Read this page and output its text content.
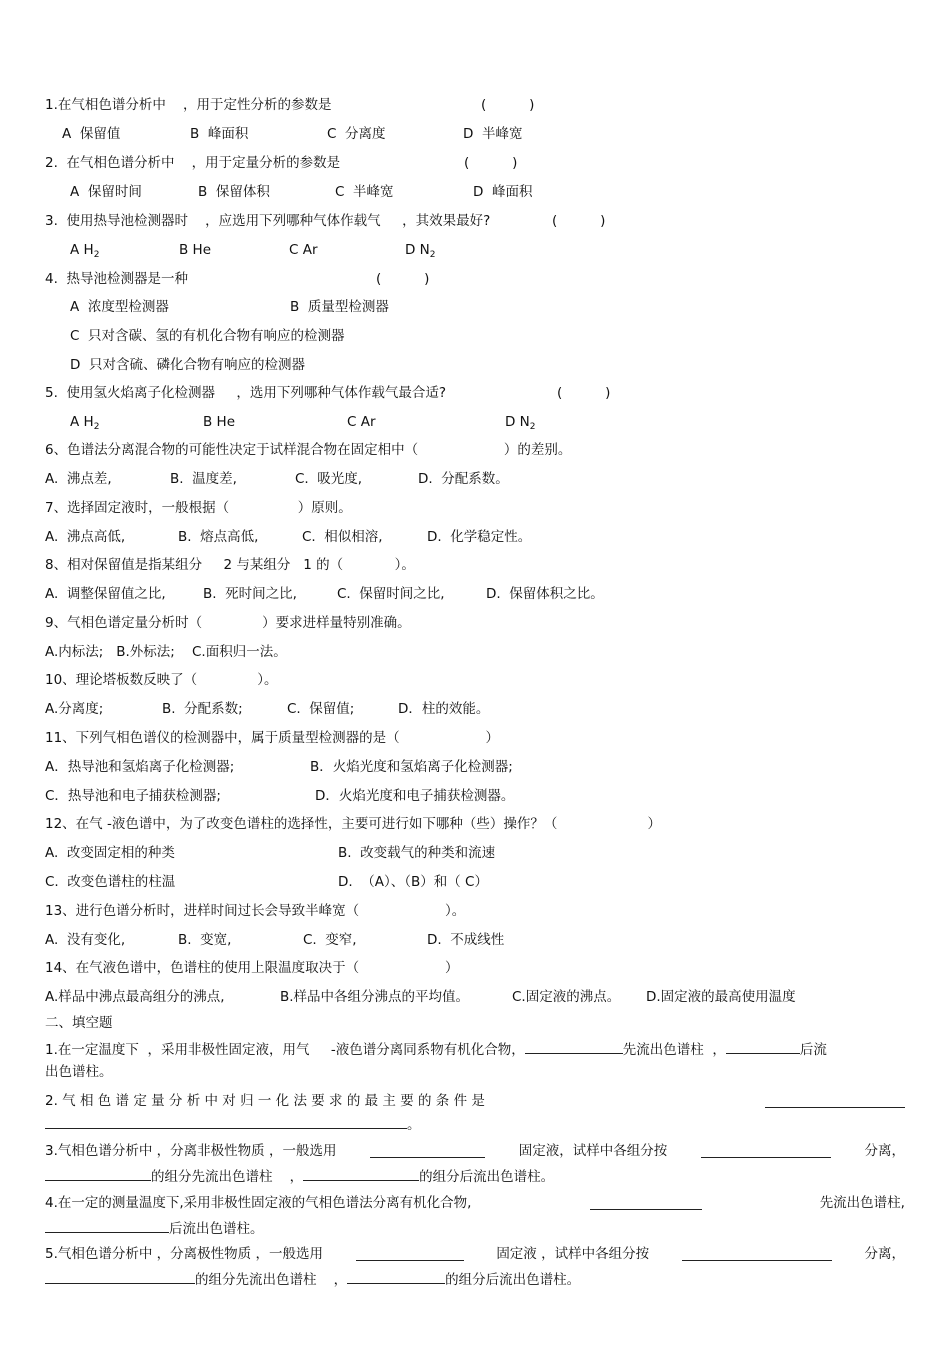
1.在气相色谱分析中    ，用于定性分析的参数是	(          )
A  保留值	B  峰面积	C  分离度	D  半峰宽
2.  在气相色谱分析中    ，用于定量分析的参数是	(          )
A  保留时间	B  保留体积	C  半峰宽	D  峰面积
3.  使用热导池检测器时    ，应选用下列哪种气体作载气     ，其效果最好?	(          )
A $H_2$	B He	C Ar	D $N_2$
4.  热导池检测器是一种	(          )
A  浓度型检测器	B  质量型检测器
C  只对含碳、氢的有机化合物有响应的检测器
D  只对含硫、磷化合物有响应的检测器
5.  使用氢火焰离子化检测器     ，选用下列哪种气体作载气最合适?	(          )
A $H_2$	B He	C Ar	D $N_2$
6、色谱法分离混合物的可能性决定于试样混合物在固定相中（                    ）的差别。
A.  沸点差,	B.  温度差,	C.  吸光度,	D.  分配系数。
7、选择固定液时，一般根据（                ）原则。
A.  沸点高低,	B.  熔点高低,	C.  相似相溶,	D.  化学稳定性。
8、相对保留值是指某组分     2 与某组分   1 的（            ）。
A.  调整保留值之比,	B.  死时间之比,	C.  保留时间之比,	D.  保留体积之比。
9、气相色谱定量分析时（              ）要求进样量特别准确。
A.内标法;   B.外标法;    C.面积归一法。
10、理论塔板数反映了（              ）。
A.分离度;	B.  分配系数;	C.  保留值;	D．柱的效能。
11、下列气相色谱仪的检测器中，属于质量型检测器的是（                    ）
A．热导池和氢焰离子化检测器;	B．火焰光度和氢焰离子化检测器;
C．热导池和电子捕获检测器;	D．火焰光度和电子捕获检测器。
12、在气 -液色谱中，为了改变色谱柱的选择性，主要可进行如下哪种（些）操作？（                     ）
A.  改变固定相的种类	B.  改变载气的种类和流速
C.  改变色谱柱的柱温	D.  （A）、（B）和（ C）
13、进行色谱分析时，进样时间过长会导致半峰宽（                    ）。
A.  没有变化,	B.  变宽,	C.  变窄,	D.  不成线性
14、在气液色谱中，色谱柱的使用上限温度取决于（                    ）
A.样品中沸点最高组分的沸点,	B.样品中各组分沸点的平均值。	C.固定液的沸点。 D.固定液的最高使用温度
二、填空题
1.在一定温度下  ，采用非极性固定液，用气     -液色谱分离同系物有机化合物，	先流出色谱柱  ，	后流
出色谱柱。
2. 气 相 色 谱 定 量 分 析 中 对 归 一 化 法 要 求 的 最 主 要 的 条 件 是
。
3.气相色谱分析中 ，分离非极性物质 ，一般选用	固定液，试样中各组分按	分离，
的组分先流出色谱柱    ，	的组分后流出色谱柱。
4.在一定的测量温度下,采用非极性固定液的气相色谱法分离有机化合物,	先流出色谱柱,
后流出色谱柱。
5.气相色谱分析中 ，分离极性物质 ，一般选用	固定液 ，试样中各组分按	分离，
的组分先流出色谱柱    ，	的组分后流出色谱柱。
